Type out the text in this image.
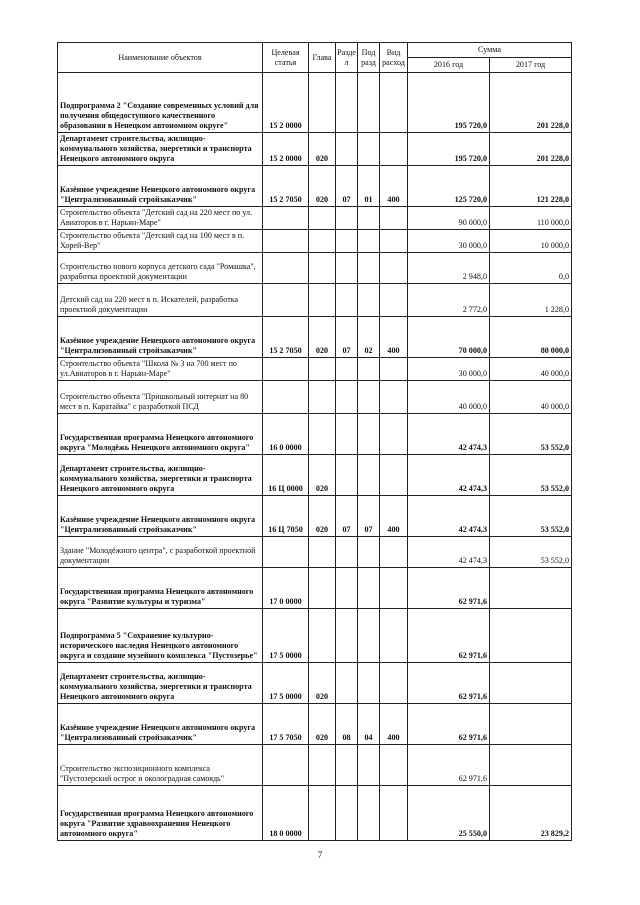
Наименование объектов	Целевая статья	Глава	Разде л	Под разд	Вид расход	Сумма	
						2016 год	2017 год
Подпрограмма 2 "Создание современных условий для получения общедоступного качественного образования в Ненецком автономном округе"	15 2 0000					195 720,0	201 228,0
Департамент строительства, жилищно-коммунального хозяйства, энергетики и транспорта Ненецкого автономного округа	15 2 0000	020				195 720,0	201 228,0
Казённое учреждение Ненецкого автономного округа "Централизованный стройзаказчик"	15 2 7050	020	07	01	400	125 720,0	121 228,0
Строительство объекта "Детский сад на 220 мест по ул. Авиаторов в г. Нарьян-Маре"						90 000,0	110 000,0
Строительство объекта "Детский сад на 100 мест в п. Хорей-Вер"						30 000,0	10 000,0
Строительство нового корпуса детского сада "Ромашка", разработка проектной документации						2 948,0	0,0
Детский сад на 220 мест в п. Искателей, разработка проектной документации						2 772,0	1 228,0
Казённое учреждение Ненецкого автономного округа "Централизованный стройзаказчик"	15 2 7050	020	07	02	400	70 000,0	80 000,0
Строительство объекта "Школа № 3 на 700 мест по ул.Авиаторов в г. Нарьян-Маре"						30 000,0	40 000,0
Строительство объекта "Пришкольный интернат на 80 мест в п. Каратайка" с разработкой ПСД						40 000,0	40 000,0
Государственная программа Ненецкого автономного округа "Молодёжь Ненецкого автономного округа"	16 0 0000					42 474,3	53 552,0
Департамент строительства, жилищно-коммунального хозяйства, энергетики и транспорта Ненецкого автономного округа	16 Ц 0000	020				42 474,3	53 552,0
Казённое учреждение Ненецкого автономного округа "Централизованный стройзаказчик"	16 Ц 7050	020	07	07	400	42 474,3	53 552,0
Здание "Молодёжного центра", с разработкой проектной документации						42 474,3	53 552,0
Государственная программа Ненецкого автономного округа "Развитие культуры и туризма"	17 0 0000					62 971,6	
Подпрограмма 5 "Сохранение культурно-исторического наследия Ненецкого автономного округа и создание музейного комплекса "Пустозерье"	17 5 0000					62 971,6	
Департамент строительства, жилищно-коммунального хозяйства, энергетики и транспорта Ненецкого автономного округа	17 5 0000	020				62 971,6	
Казённое учреждение Ненецкого автономного округа "Централизованный стройзаказчик"	17 5 7050	020	08	04	400	62 971,6	
Строительство экспозиционного комплекса "Пустозерский острог и околоградная самоядь"						62 971,6	
Государственная программа Ненецкого автономного округа "Развитие здравоохранения Ненецкого автономного округа"	18 0 0000					25 550,0	23 829,2
7
